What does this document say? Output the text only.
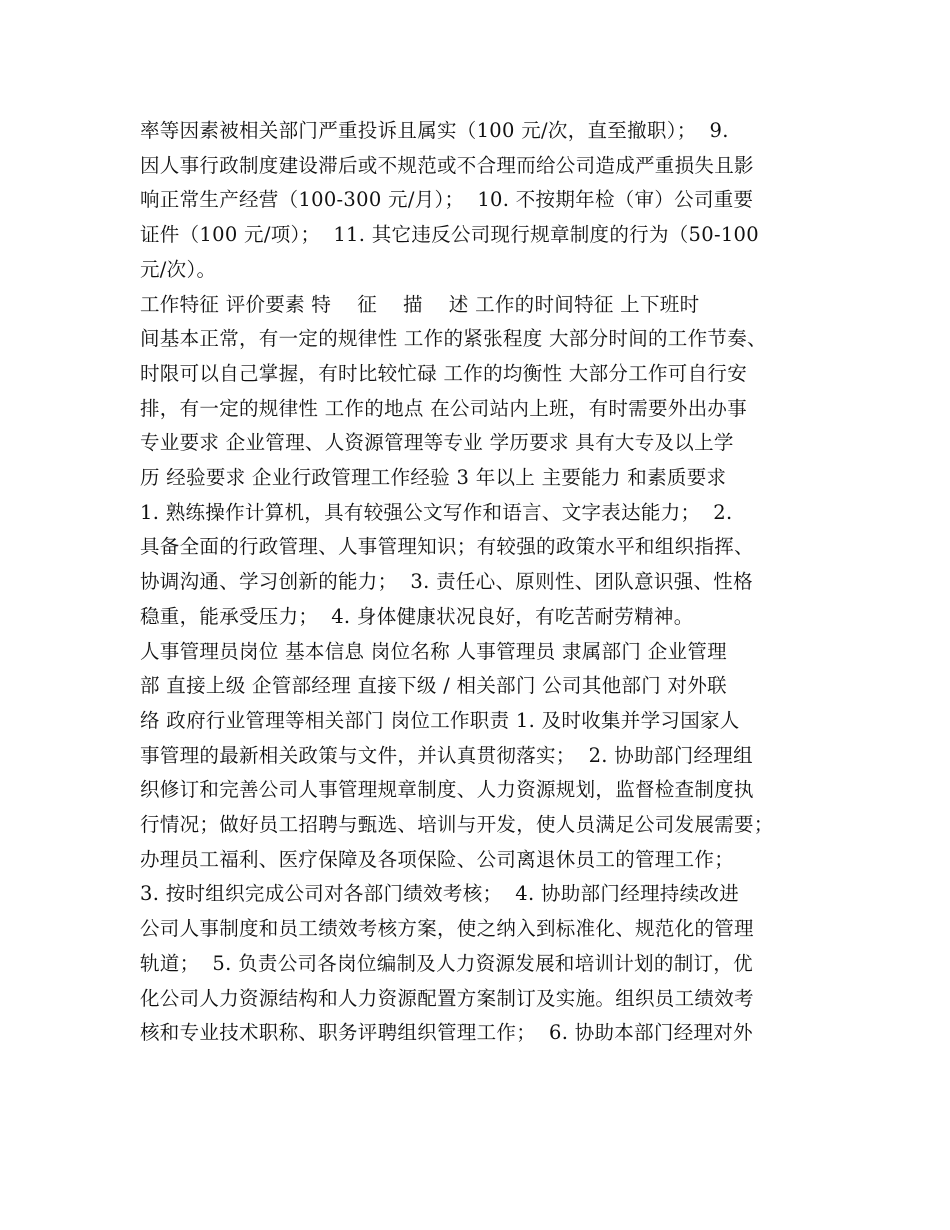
率等因素被相关部门严重投诉且属实（100 元/次，直至撤职）；  9.
因人事行政制度建设滞后或不规范或不合理而给公司造成严重损失且影
响正常生产经营（100-300 元/月）；  10. 不按期年检（审）公司重要
证件（100 元/项）；  11. 其它违反公司现行规章制度的行为（50-100
元/次）。
工作特征 评价要素 特    征    描    述 工作的时间特征 上下班时
间基本正常，有一定的规律性 工作的紧张程度 大部分时间的工作节奏、
时限可以自己掌握，有时比较忙碌 工作的均衡性 大部分工作可自行安
排，有一定的规律性 工作的地点 在公司站内上班，有时需要外出办事
专业要求 企业管理、人资源管理等专业 学历要求 具有大专及以上学
历 经验要求 企业行政管理工作经验 3 年以上 主要能力 和素质要求
1. 熟练操作计算机，具有较强公文写作和语言、文字表达能力；  2.
具备全面的行政管理、人事管理知识；有较强的政策水平和组织指挥、
协调沟通、学习创新的能力；  3. 责任心、原则性、团队意识强、性格
稳重，能承受压力；  4. 身体健康状况良好，有吃苦耐劳精神。
人事管理员岗位 基本信息 岗位名称 人事管理员 隶属部门 企业管理
部 直接上级 企管部经理 直接下级 / 相关部门 公司其他部门 对外联
络 政府行业管理等相关部门 岗位工作职责 1. 及时收集并学习国家人
事管理的最新相关政策与文件，并认真贯彻落实；  2. 协助部门经理组
织修订和完善公司人事管理规章制度、人力资源规划，监督检查制度执
行情况；做好员工招聘与甄选、培训与开发，使人员满足公司发展需要；
办理员工福利、医疗保障及各项保险、公司离退休员工的管理工作；
3. 按时组织完成公司对各部门绩效考核；  4. 协助部门经理持续改进
公司人事制度和员工绩效考核方案，使之纳入到标准化、规范化的管理
轨道；  5. 负责公司各岗位编制及人力资源发展和培训计划的制订，优
化公司人力资源结构和人力资源配置方案制订及实施。组织员工绩效考
核和专业技术职称、职务评聘组织管理工作；  6. 协助本部门经理对外
